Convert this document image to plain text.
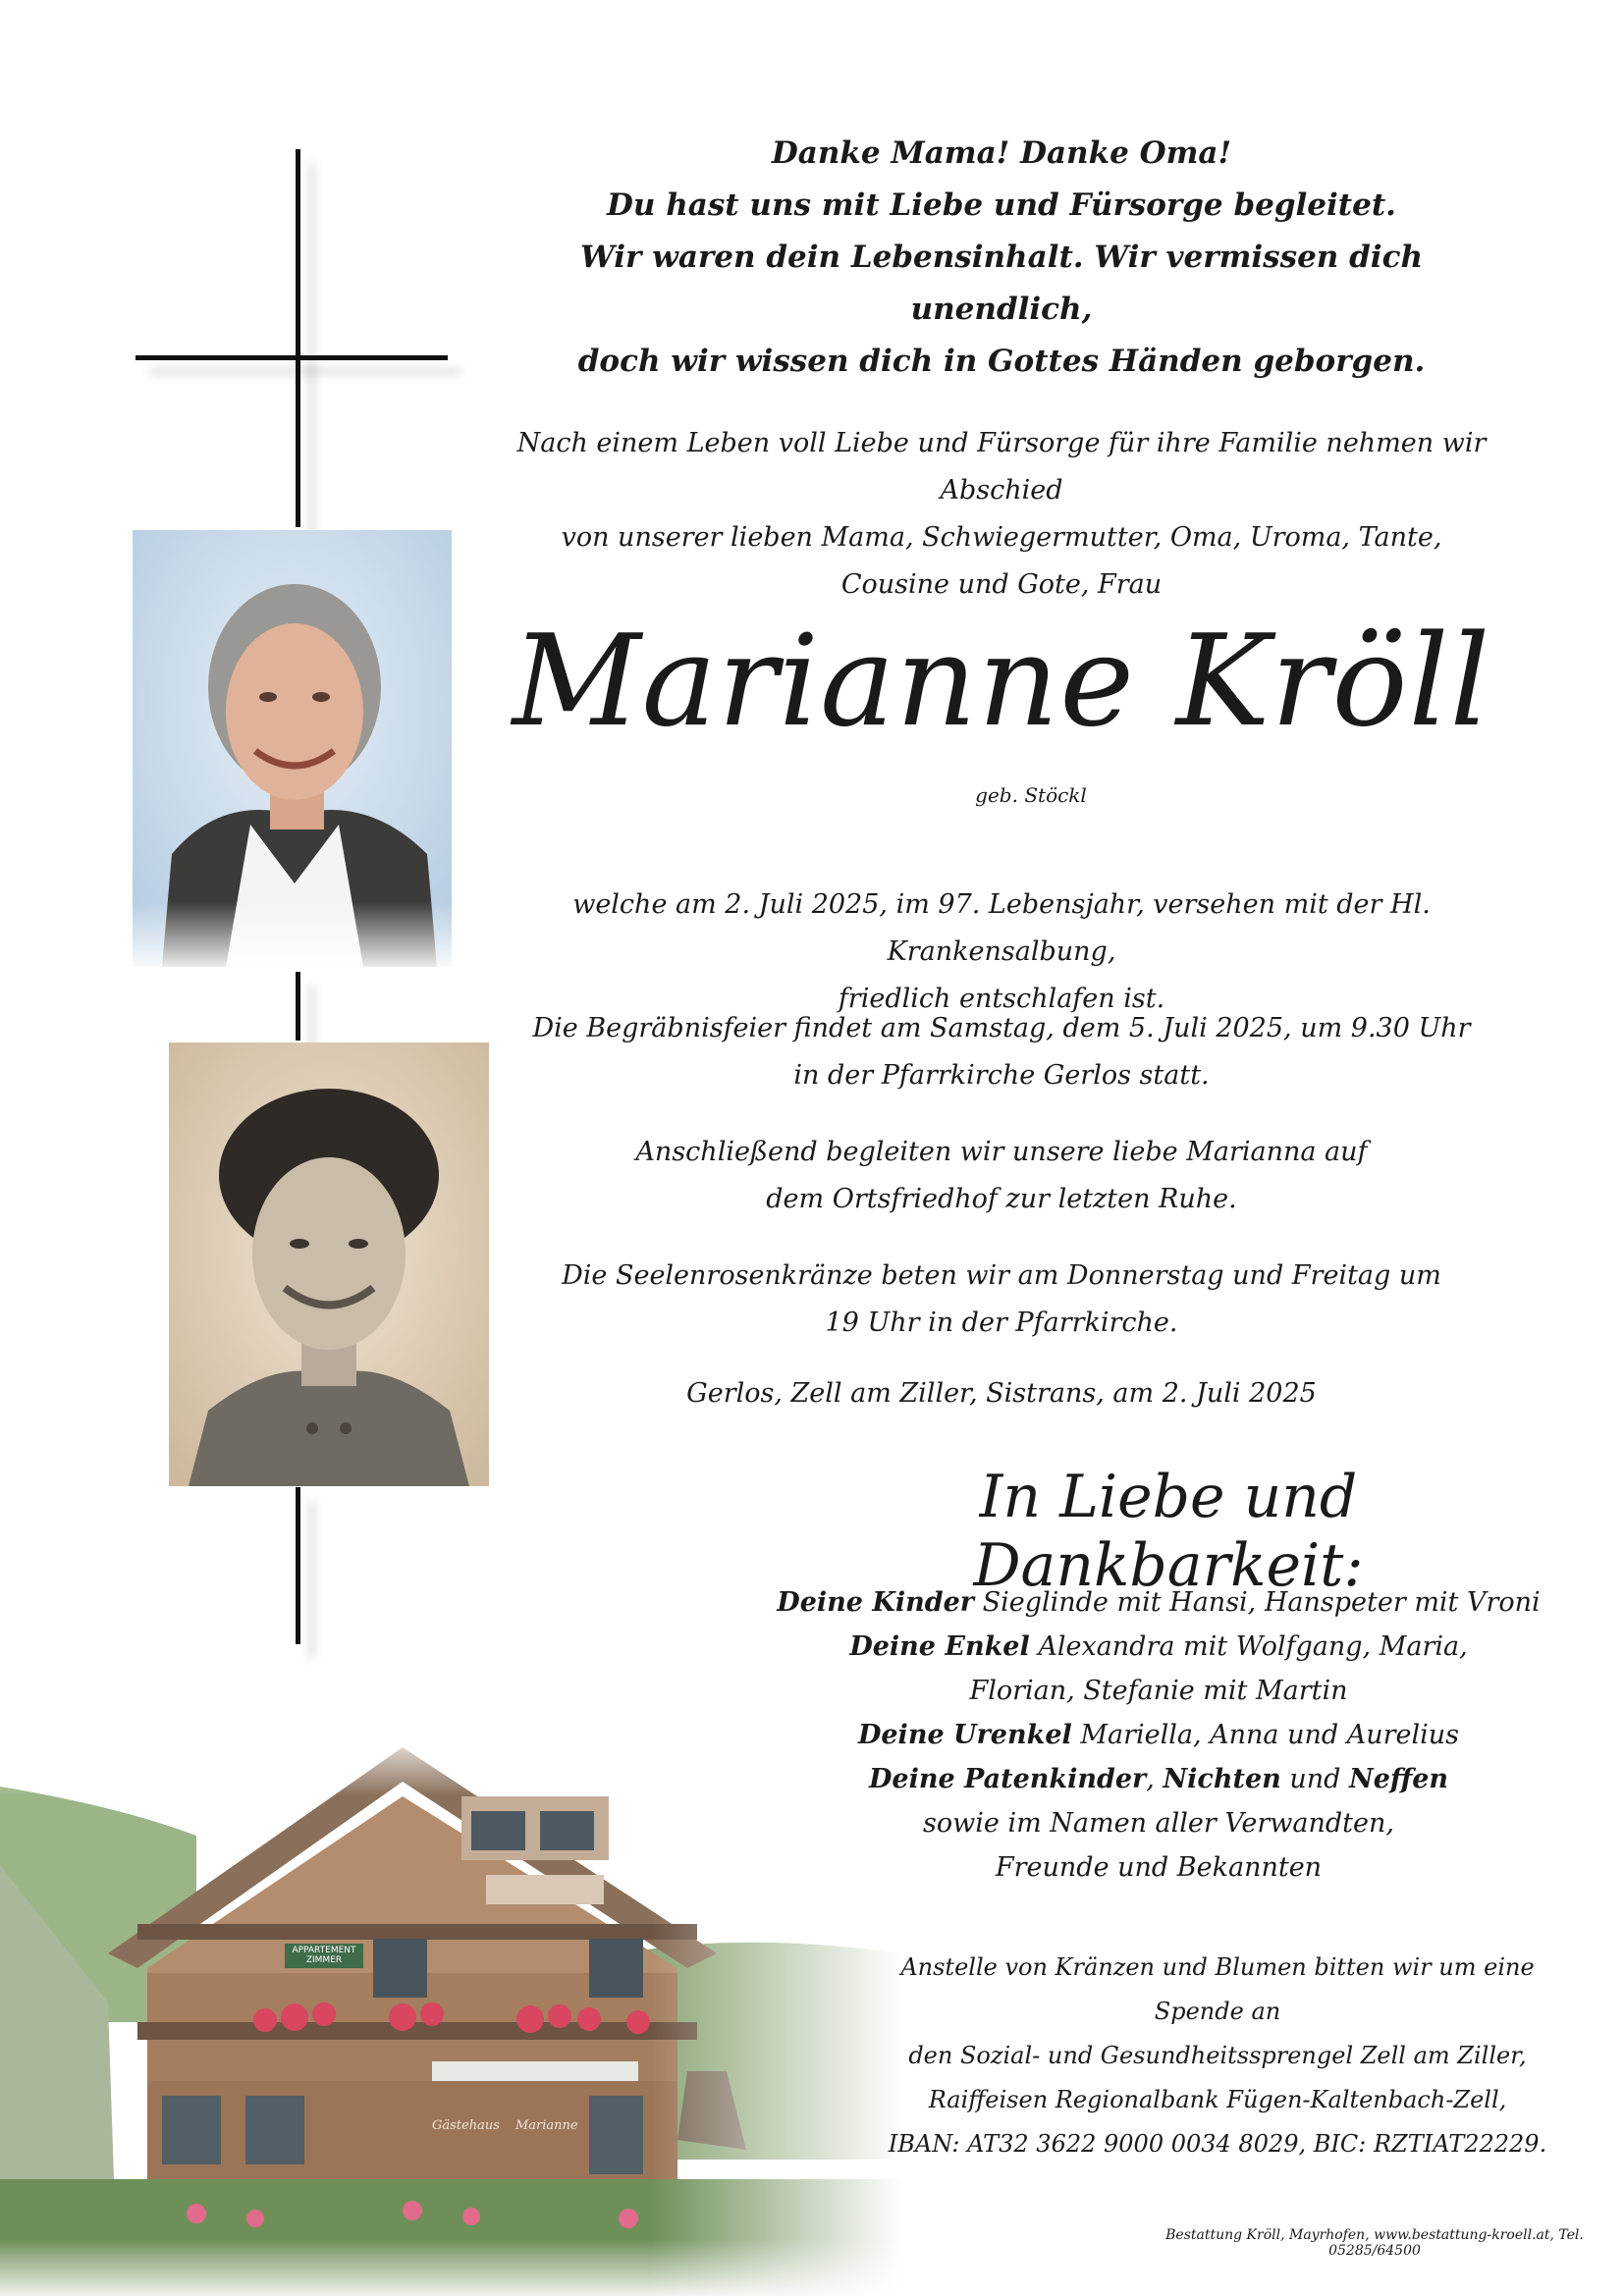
APPARTEMENT ZIMMER
Gästehaus Marianne
Danke Mama! Danke Oma!
Du hast uns mit Liebe und Fürsorge begleitet.
Wir waren dein Lebensinhalt. Wir vermissen dich unendlich,
doch wir wissen dich in Gottes Händen geborgen.
Nach einem Leben voll Liebe und Fürsorge für ihre Familie nehmen wir Abschied
von unserer lieben Mama, Schwiegermutter, Oma, Uroma, Tante,
Cousine und Gote, Frau
Marianne Kröll
geb. Stöckl
welche am 2. Juli 2025, im 97. Lebensjahr, versehen mit der Hl. Krankensalbung,
friedlich entschlafen ist.
Die Begräbnisfeier findet am Samstag, dem 5. Juli 2025, um 9.30 Uhr
in der Pfarrkirche Gerlos statt.
Anschließend begleiten wir unsere liebe Marianna auf
dem Ortsfriedhof zur letzten Ruhe.
Die Seelenrosenkränze beten wir am Donnerstag und Freitag um
19 Uhr in der Pfarrkirche.
Gerlos, Zell am Ziller, Sistrans, am 2. Juli 2025
In Liebe und Dankbarkeit:
Deine Kinder Sieglinde mit Hansi, Hanspeter mit Vroni
Deine Enkel Alexandra mit Wolfgang, Maria,
Florian, Stefanie mit Martin
Deine Urenkel Mariella, Anna und Aurelius
Deine Patenkinder, Nichten und Neffen
sowie im Namen aller Verwandten,
Freunde und Bekannten
Anstelle von Kränzen und Blumen bitten wir um eine Spende an
den Sozial- und Gesundheitssprengel Zell am Ziller,
Raiffeisen Regionalbank Fügen-Kaltenbach-Zell,
IBAN: AT32 3622 9000 0034 8029, BIC: RZTIAT22229.
Bestattung Kröll, Mayrhofen, www.bestattung-kroell.at, Tel. 05285/64500
